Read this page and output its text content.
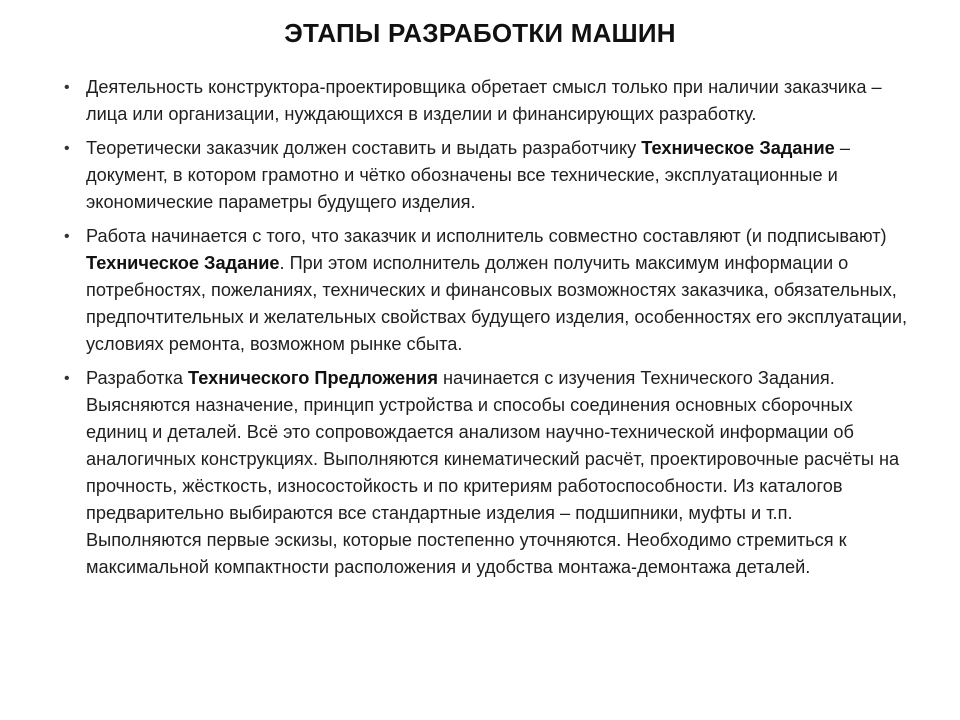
ЭТАПЫ РАЗРАБОТКИ МАШИН
• Деятельность конструктора-проектировщика обретает смысл только при наличии заказчика – лица или организации, нуждающихся в изделии и финансирующих разработку.
• Теоретически заказчик должен составить и выдать разработчику Техническое Задание – документ, в котором грамотно и чётко обозначены все технические, эксплуатационные и экономические параметры будущего изделия.
• Работа начинается с того, что заказчик и исполнитель совместно составляют (и подписывают) Техническое Задание. При этом исполнитель должен получить максимум информации о потребностях, пожеланиях, технических и финансовых возможностях заказчика, обязательных, предпочтительных и желательных свойствах будущего изделия, особенностях его эксплуатации, условиях ремонта, возможном рынке сбыта.
• Разработка Технического Предложения начинается с изучения Технического Задания. Выясняются назначение, принцип устройства и способы соединения основных сборочных единиц и деталей. Всё это сопровождается анализом научно-технической информации об аналогичных конструкциях. Выполняются кинематический расчёт, проектировочные расчёты на прочность, жёсткость, износостойкость и по критериям работоспособности. Из каталогов предварительно выбираются все стандартные изделия – подшипники, муфты и т.п. Выполняются первые эскизы, которые постепенно уточняются. Необходимо стремиться к максимальной компактности расположения и удобства монтажа-демонтажа деталей.
